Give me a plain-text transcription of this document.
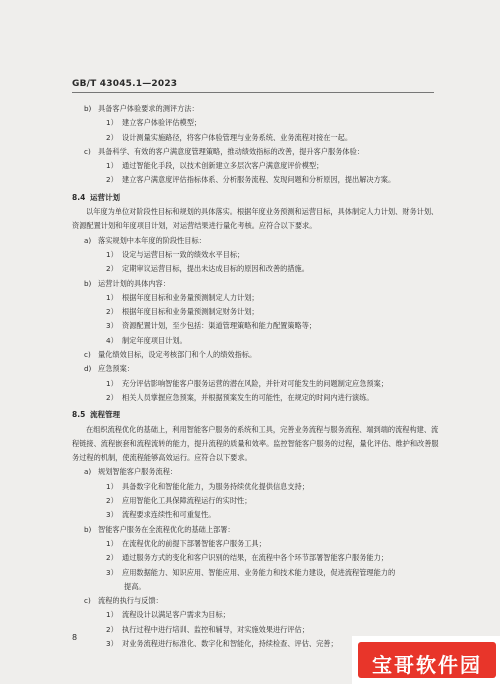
GB/T 43045.1—2023
b) 具备客户体验要求的测评方法：
1） 建立客户体验评估模型；
2） 设计测量实施路径，将客户体验管理与业务系统、业务流程对接在一起。
c) 具备科学、有效的客户满意度管理策略，推动绩效指标的改善，提升客户服务体验：
1） 通过智能化手段，以技术创新建立多层次客户满意度评价模型；
2） 建立客户满意度评估指标体系、分析服务流程、发现问题和分析原因，提出解决方案。
8.4 运营计划
以年度为单位对阶段性目标和规划的具体落实。根据年度业务预测和运营目标，具体制定人力计划、财务计划、资源配置计划和年度项目计划，对运营结果进行量化考核。应符合以下要求。
a) 落实规划中本年度的阶段性目标：
1） 设定与运营目标一致的绩效水平目标；
2） 定期审议运营目标，提出未达成目标的原因和改善的措施。
b) 运营计划的具体内容：
1） 根据年度目标和业务量预测制定人力计划；
2） 根据年度目标和业务量预测制定财务计划；
3） 资源配置计划，至少包括：渠道管理策略和能力配置策略等；
4） 制定年度项目计划。
c) 量化绩效目标，设定考核部门和个人的绩效指标。
d) 应急预案：
1） 充分评估影响智能客户服务运营的潜在风险，并针对可能发生的问题制定应急预案；
2） 相关人员掌握应急预案，并根据预案发生的可能性，在规定的时间内进行演练。
8.5 流程管理
在组织流程优化的基础上，利用智能客户服务的系统和工具，完善业务流程与服务流程、端到端的流程构建、流程链接、流程嵌套和流程流转的能力，提升流程的质量和效率。监控智能客户服务的过程，量化评估、维护和改善服务过程的机制，使流程能够高效运行。应符合以下要求。
a) 规划智能客户服务流程：
1） 具备数字化和智能化能力，为服务持续优化提供信息支持；
2） 应用智能化工具保障流程运行的实时性；
3） 流程要求连续性和可重复性。
b) 智能客户服务在全流程优化的基础上部署：
1） 在流程优化的前提下部署智能客户服务工具；
2） 通过服务方式的变化和客户识别的结果，在流程中各个环节部署智能客户服务能力；
3） 应用数据能力、知识应用、智能应用、业务能力和技术能力建设，促进流程管理能力的
提高。
c) 流程的执行与反馈：
1） 流程设计以满足客户需求为目标；
2） 执行过程中进行培训、监控和辅导，对实施效果进行评估；
3） 对业务流程进行标准化、数字化和智能化，持续检查、评估、完善；
8
宝哥软件园
